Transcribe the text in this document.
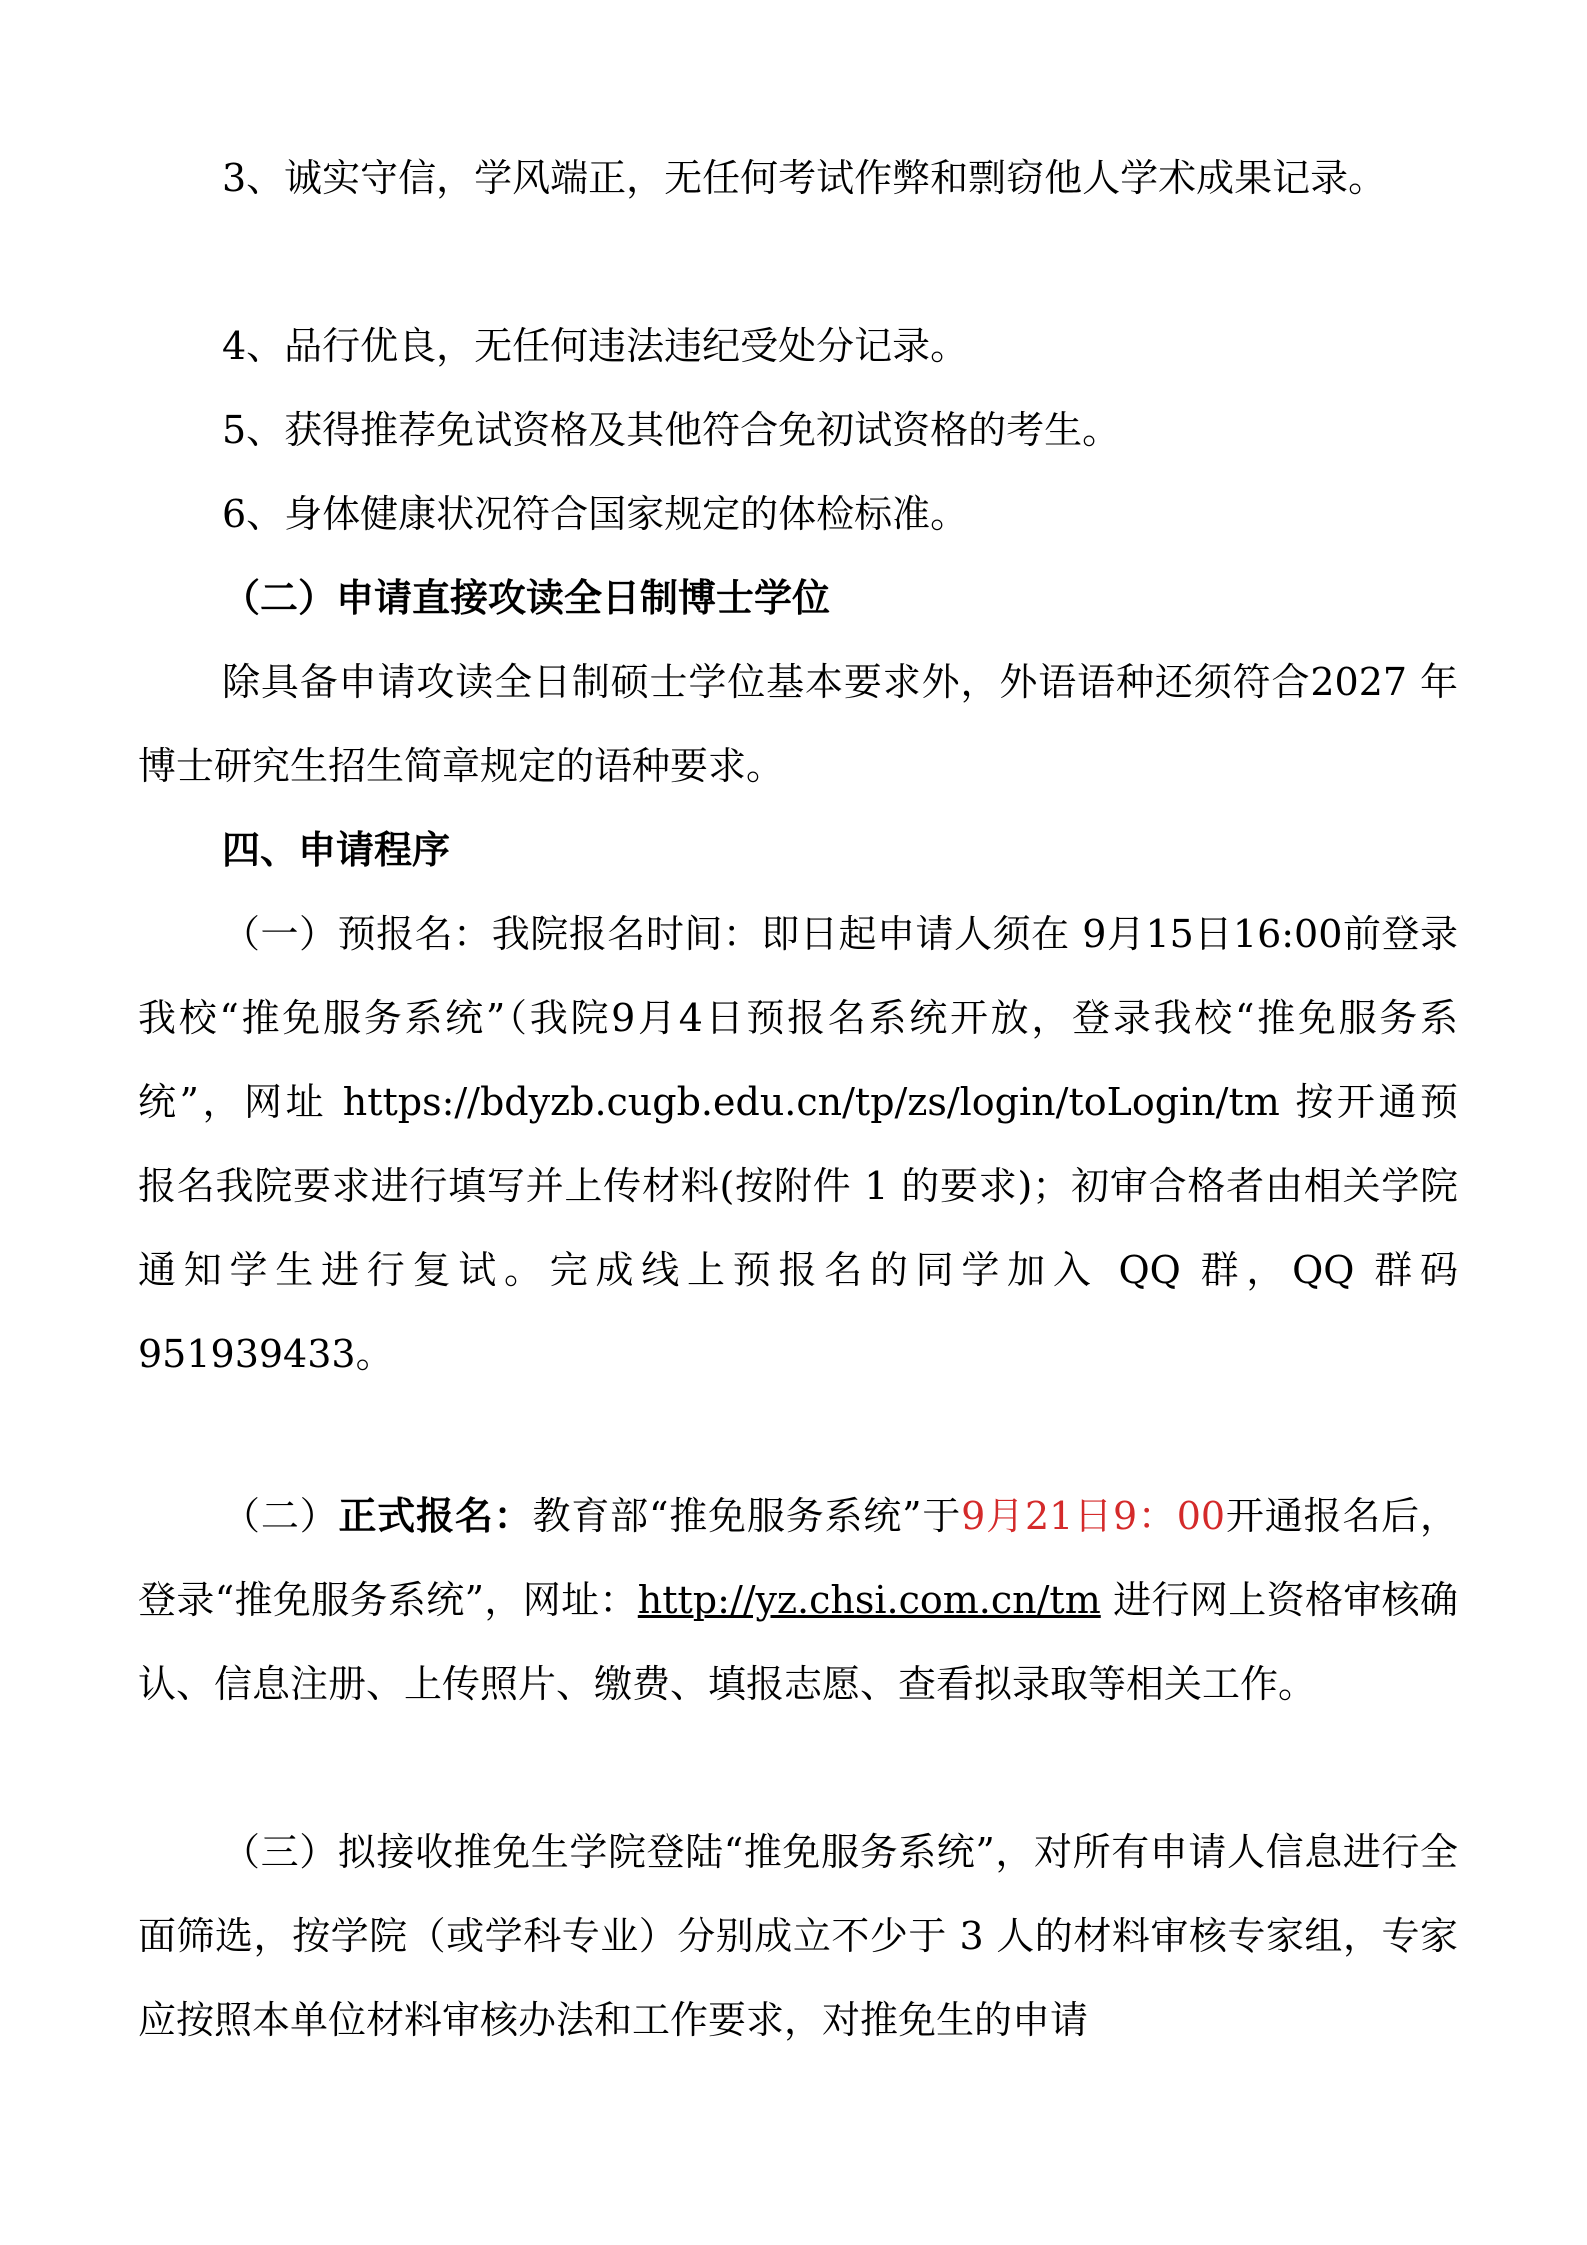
3、诚实守信，学风端正，无任何考试作弊和剽窃他人学术成果记录。

4、品行优良，无任何违法违纪受处分记录。

5、获得推荐免试资格及其他符合免初试资格的考生。

6、身体健康状况符合国家规定的体检标准。

（二）申请直接攻读全日制博士学位

除具备申请攻读全日制硕士学位基本要求外，外语语种还须符合2027 年博士研究生招生简章规定的语种要求。

四、申请程序

（一）预报名：我院报名时间：即日起申请人须在 9月15日16:00前登录我校“推免服务系统”（我院9月4日预报名系统开放，登录我校“推免服务系统”，网址 https://bdyzb.cugb.edu.cn/tp/zs/login/toLogin/tm 按开通预报名我院要求进行填写并上传材料(按附件 1 的要求)；初审合格者由相关学院通知学生进行复试。完成线上预报名的同学加入 QQ 群，QQ 群码 951939433。

（二）正式报名：教育部“推免服务系统”于9月21日9：00开通报名后，登录“推免服务系统”，网址：http://yz.chsi.com.cn/tm 进行网上资格审核确认、信息注册、上传照片、缴费、填报志愿、查看拟录取等相关工作。

（三）拟接收推免生学院登陆“推免服务系统”，对所有申请人信息进行全面筛选，按学院（或学科专业）分别成立不少于 3 人的材料审核专家组，专家应按照本单位材料审核办法和工作要求，对推免生的申请
